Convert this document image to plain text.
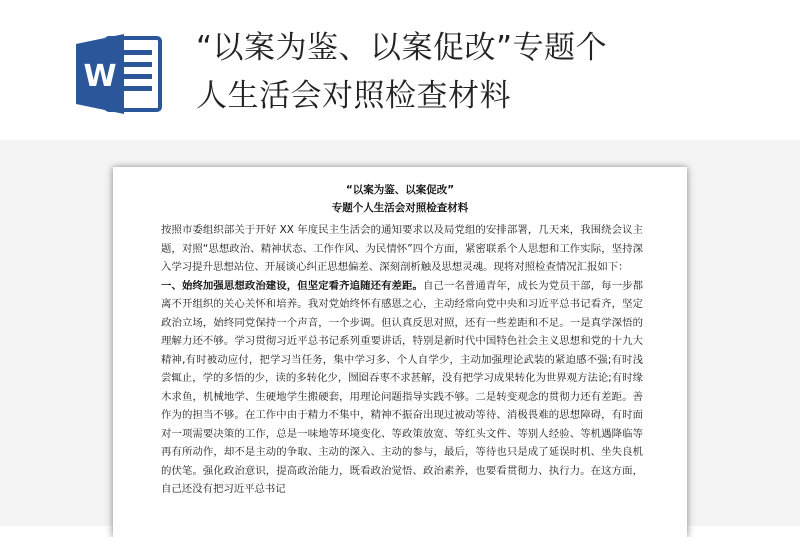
W
“以案为鉴、以案促改”专题个
人生活会对照检查材料
“以案为鉴、以案促改”
专题个人生活会对照检查材料

按照市委组织部关于开好 XX 年度民主生活会的通知要求以及局党组的安排部署，几天来，我围绕会议主题，对照“思想政治、精神状态、工作作风、为民情怀”四个方面，紧密联系个人思想和工作实际，坚持深入学习提升思想站位、开展谈心纠正思想偏差、深刻剖析触及思想灵魂。现将对照检查情况汇报如下：

一、始终加强思想政治建设，但坚定看齐追随还有差距。自己一名普通青年，成长为党员干部，每一步都离不开组织的关心关怀和培养。我对党始终怀有感恩之心，主动经常向党中央和习近平总书记看齐，坚定政治立场，始终同党保持一个声音，一个步调。但认真反思对照，还有一些差距和不足。一是真学深悟的理解力还不够。学习贯彻习近平总书记系列重要讲话，特别是新时代中国特色社会主义思想和党的十九大精神,有时被动应付，把学习当任务，集中学习多、个人自学少，主动加强理论武装的紧迫感不强;有时浅尝辄止，学的多悟的少，读的多转化少，囫囵吞枣不求甚解，没有把学习成果转化为世界观方法论;有时缘木求鱼，机械地学、生硬地学生搬硬套，用理论问题指导实践不够。二是转变观念的贯彻力还有差距。善作为的担当不够。在工作中由于精力不集中，精神不振奋出现过被动等待、消极畏难的思想障碍，有时面对一项需要决策的工作，总是一味地等环境变化、等政策放宽、等红头文件、等别人经验、等机遇降临等再有所动作，却不是主动的争取、主动的深入、主动的参与，最后，等待也只是成了延误时机、坐失良机的伏笔。强化政治意识，提高政治能力，既看政治觉悟、政治素养，也要看贯彻力、执行力。在这方面，自己还没有把习近平总书记
